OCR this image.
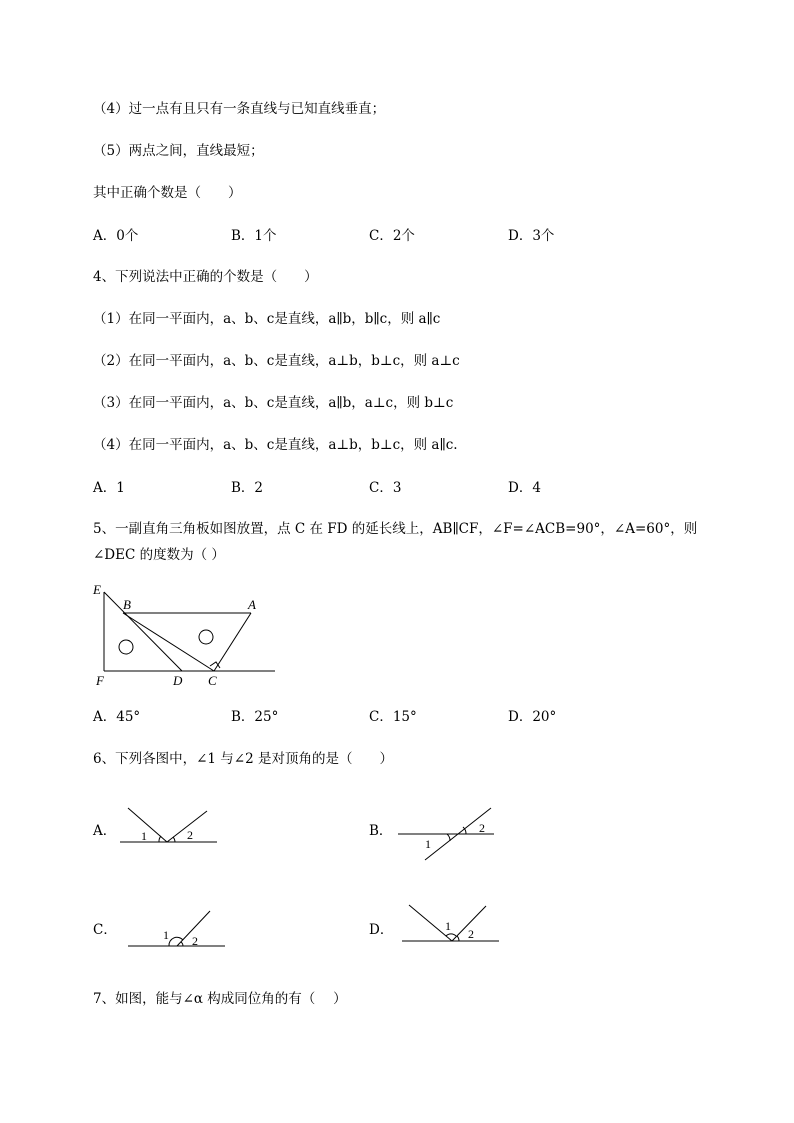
（4）过一点有且只有一条直线与已知直线垂直；
（5）两点之间，直线最短；
其中正确个数是（　　）
A．0个	B．1个	C．2个	D．3个
4、下列说法中正确的个数是（　　）
（1）在同一平面内，a、b、c是直线，a∥b，b∥c，则 a∥c
（2）在同一平面内，a、b、c是直线，a⊥b，b⊥c，则 a⊥c
（3）在同一平面内，a、b、c是直线，a∥b，a⊥c，则 b⊥c
（4）在同一平面内，a、b、c是直线，a⊥b，b⊥c，则 a∥c.
A．1	B．2	C．3	D．4
5、一副直角三角板如图放置，点 C 在 FD 的延长线上，AB∥CF，∠F=∠ACB=90°，∠A=60°，则
∠DEC 的度数为（ ）
E
B	A
F	D C
A．45°	B．25°	C．15°	D．20°
6、下列各图中，∠1 与∠2 是对顶角的是（　　）
A． 1	2	B．	2
1
C．	1 2
D．	1
2
7、如图，能与∠α 构成同位角的有（　 ）
